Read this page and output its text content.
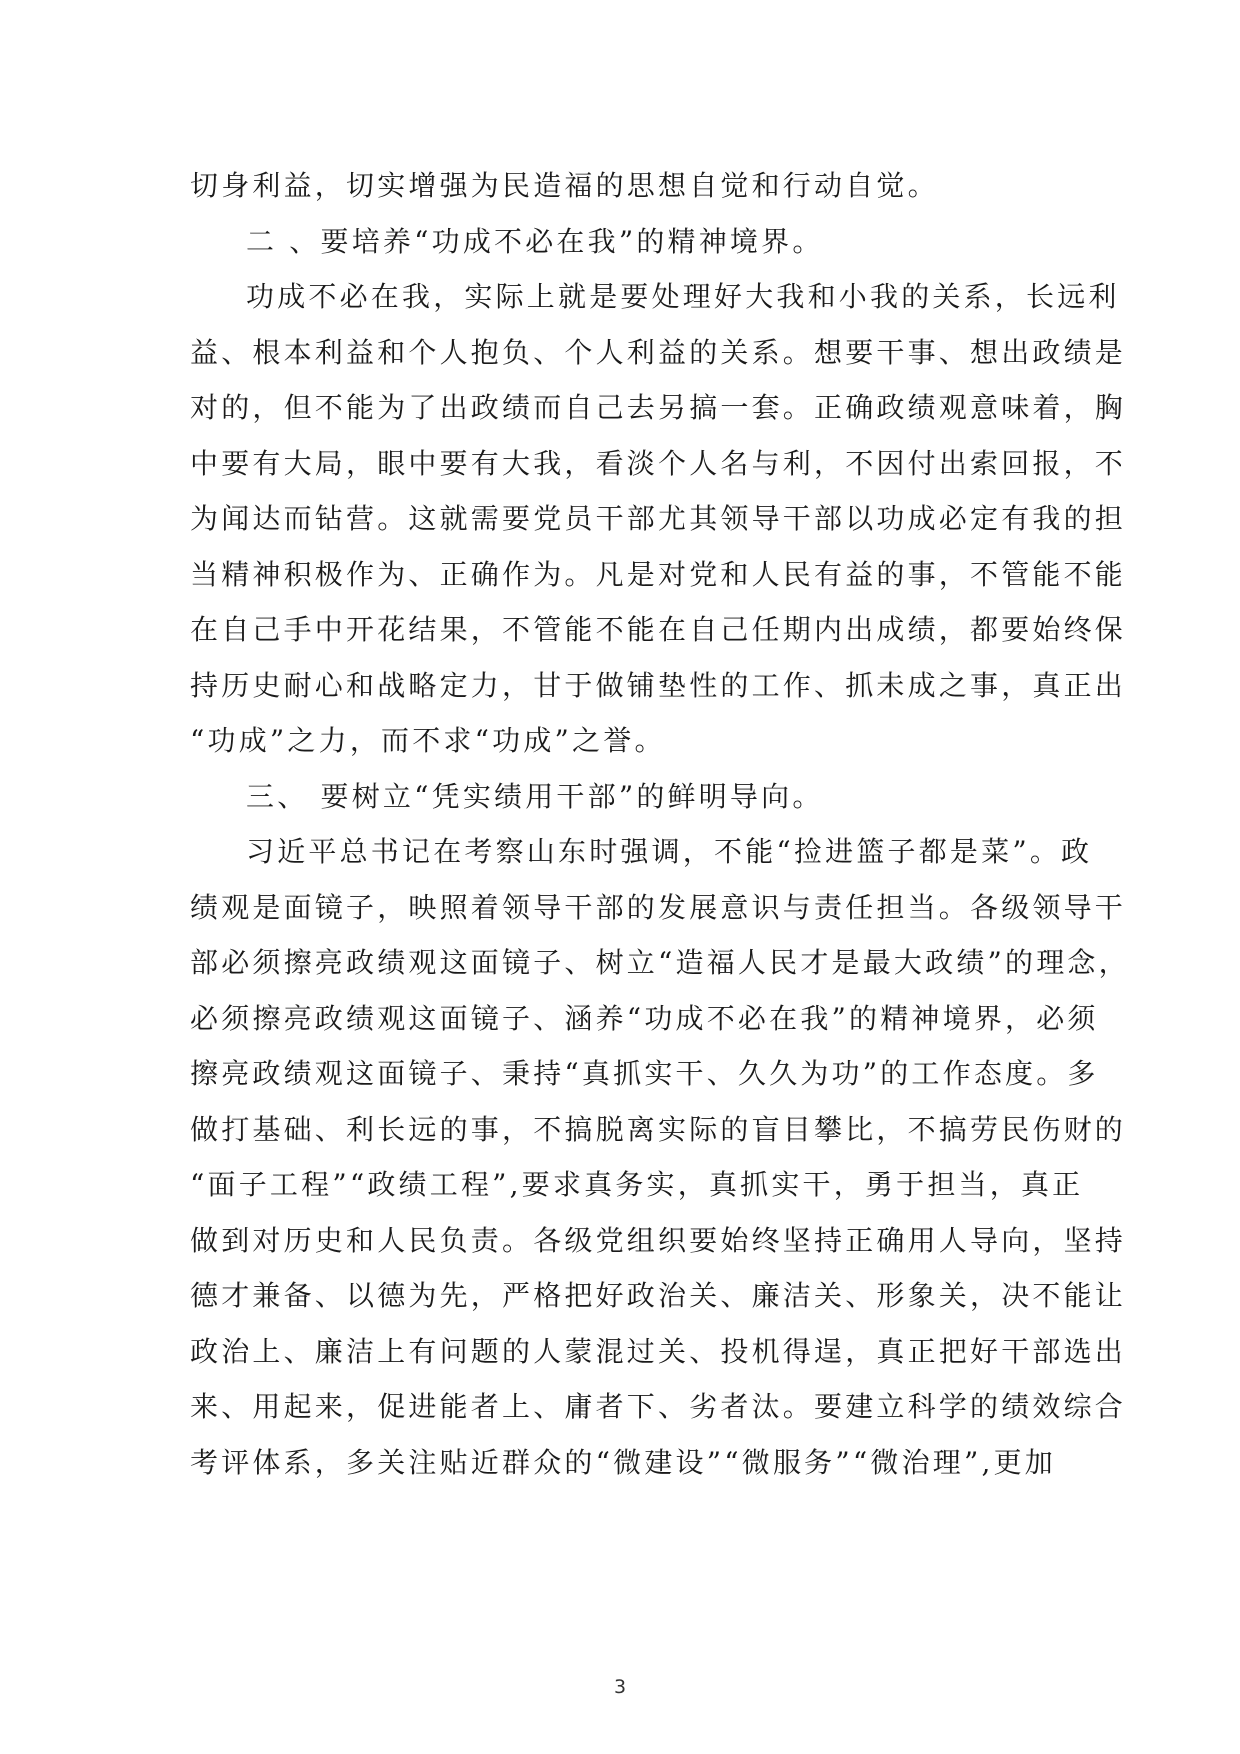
切身利益，切实增强为民造福的思想自觉和行动自觉。
二 、要培养“功成不必在我”的精神境界。
功成不必在我，实际上就是要处理好大我和小我的关系，长远利
益、根本利益和个人抱负、个人利益的关系。想要干事、想出政绩是
对的，但不能为了出政绩而自己去另搞一套。正确政绩观意味着，胸
中要有大局，眼中要有大我，看淡个人名与利，不因付出索回报，不
为闻达而钻营。这就需要党员干部尤其领导干部以功成必定有我的担
当精神积极作为、正确作为。凡是对党和人民有益的事，不管能不能
在自己手中开花结果，不管能不能在自己任期内出成绩，都要始终保
持历史耐心和战略定力，甘于做铺垫性的工作、抓未成之事，真正出
“功成”之力，而不求“功成”之誉。
三、 要树立“凭实绩用干部”的鲜明导向。
习近平总书记在考察山东时强调，不能“捡进篮子都是菜”。政
绩观是面镜子，映照着领导干部的发展意识与责任担当。各级领导干
部必须擦亮政绩观这面镜子、树立“造福人民才是最大政绩”的理念，
必须擦亮政绩观这面镜子、涵养“功成不必在我”的精神境界，必须
擦亮政绩观这面镜子、秉持“真抓实干、久久为功”的工作态度。多
做打基础、利长远的事，不搞脱离实际的盲目攀比，不搞劳民伤财的
“面子工程”“政绩工程”,要求真务实，真抓实干，勇于担当，真正
做到对历史和人民负责。各级党组织要始终坚持正确用人导向，坚持
德才兼备、以德为先，严格把好政治关、廉洁关、形象关，决不能让
政治上、廉洁上有问题的人蒙混过关、投机得逞，真正把好干部选出
来、用起来，促进能者上、庸者下、劣者汰。要建立科学的绩效综合
考评体系，多关注贴近群众的“微建设”“微服务”“微治理”,更加
3
